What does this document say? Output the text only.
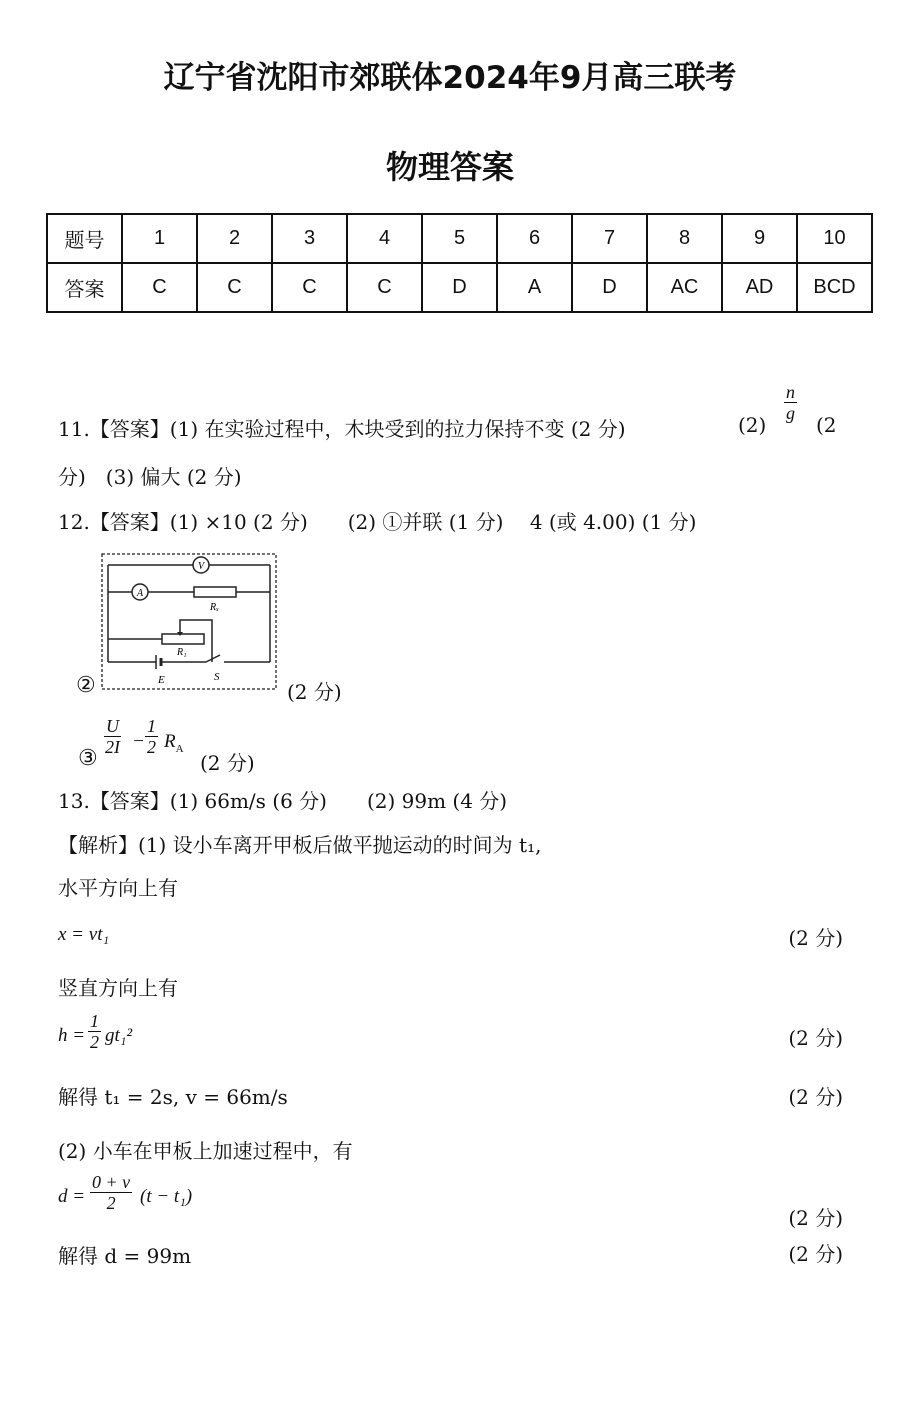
辽宁省沈阳市郊联体2024年9月高三联考
物理答案
题号	1	2	3	4	5	6	7	8	9	10
答案	C	C	C	C	D	A	D	AC	AD	BCD
11.【答案】(1) 在实验过程中，木块受到的拉力保持不变 (2 分)	(2)
$\frac{n}{g}$
(2
分)　(3) 偏大 (2 分)
12.【答案】(1) ×10 (2 分)　　(2) ①并联 (1 分)　 4 (或 4.00) (1 分)
②
V
A
Rₓ
R₁
E	S
(2 分)
③
$\frac{U}{2I} - \frac{1}{2} R_A$
(2 分)
13.【答案】(1) 66m/s (6 分)　　(2) 99m (4 分)
【解析】(1) 设小车离开甲板后做平抛运动的时间为 t₁,
水平方向上有
x = vt₁	(2 分)
竖直方向上有
$h = \frac{1}{2} gt_1^2$	(2 分)
解得 t₁ = 2s, v = 66m/s	(2 分)
(2) 小车在甲板上加速过程中，有
$d = \frac{0 + v}{2} (t - t_1)$
(2 分)
解得 d = 99m	(2 分)
